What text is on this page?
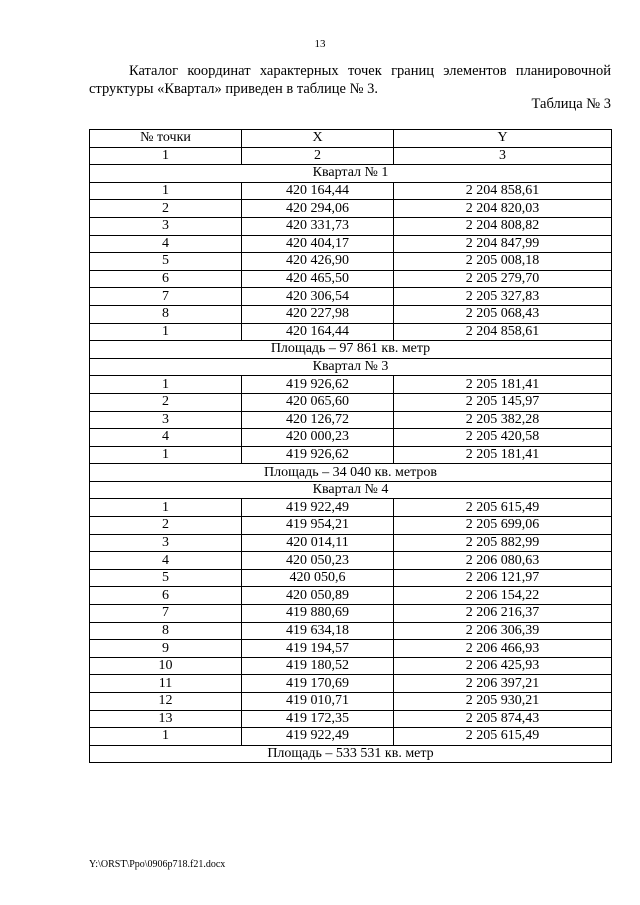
13

Каталог координат характерных точек границ элементов планировочной структуры «Квартал» приведен в таблице № 3.

Таблица № 3
№ точки	X	Y
1	2	3
Квартал № 1		
1	420 164,44	2 204 858,61
2	420 294,06	2 204 820,03
3	420 331,73	2 204 808,82
4	420 404,17	2 204 847,99
5	420 426,90	2 205 008,18
6	420 465,50	2 205 279,70
7	420 306,54	2 205 327,83
8	420 227,98	2 205 068,43
1	420 164,44	2 204 858,61
Площадь – 97 861 кв. метр		
Квартал № 3		
1	419 926,62	2 205 181,41
2	420 065,60	2 205 145,97
3	420 126,72	2 205 382,28
4	420 000,23	2 205 420,58
1	419 926,62	2 205 181,41
Площадь – 34 040 кв. метров		
Квартал № 4		
1	419 922,49	2 205 615,49
2	419 954,21	2 205 699,06
3	420 014,11	2 205 882,99
4	420 050,23	2 206 080,63
5	420 050,6	2 206 121,97
6	420 050,89	2 206 154,22
7	419 880,69	2 206 216,37
8	419 634,18	2 206 306,39
9	419 194,57	2 206 466,93
10	419 180,52	2 206 425,93
11	419 170,69	2 206 397,21
12	419 010,71	2 205 930,21
13	419 172,35	2 205 874,43
1	419 922,49	2 205 615,49
Площадь – 533 531 кв. метр		
Y:\ORST\Ppo\0906p718.f21.docx
